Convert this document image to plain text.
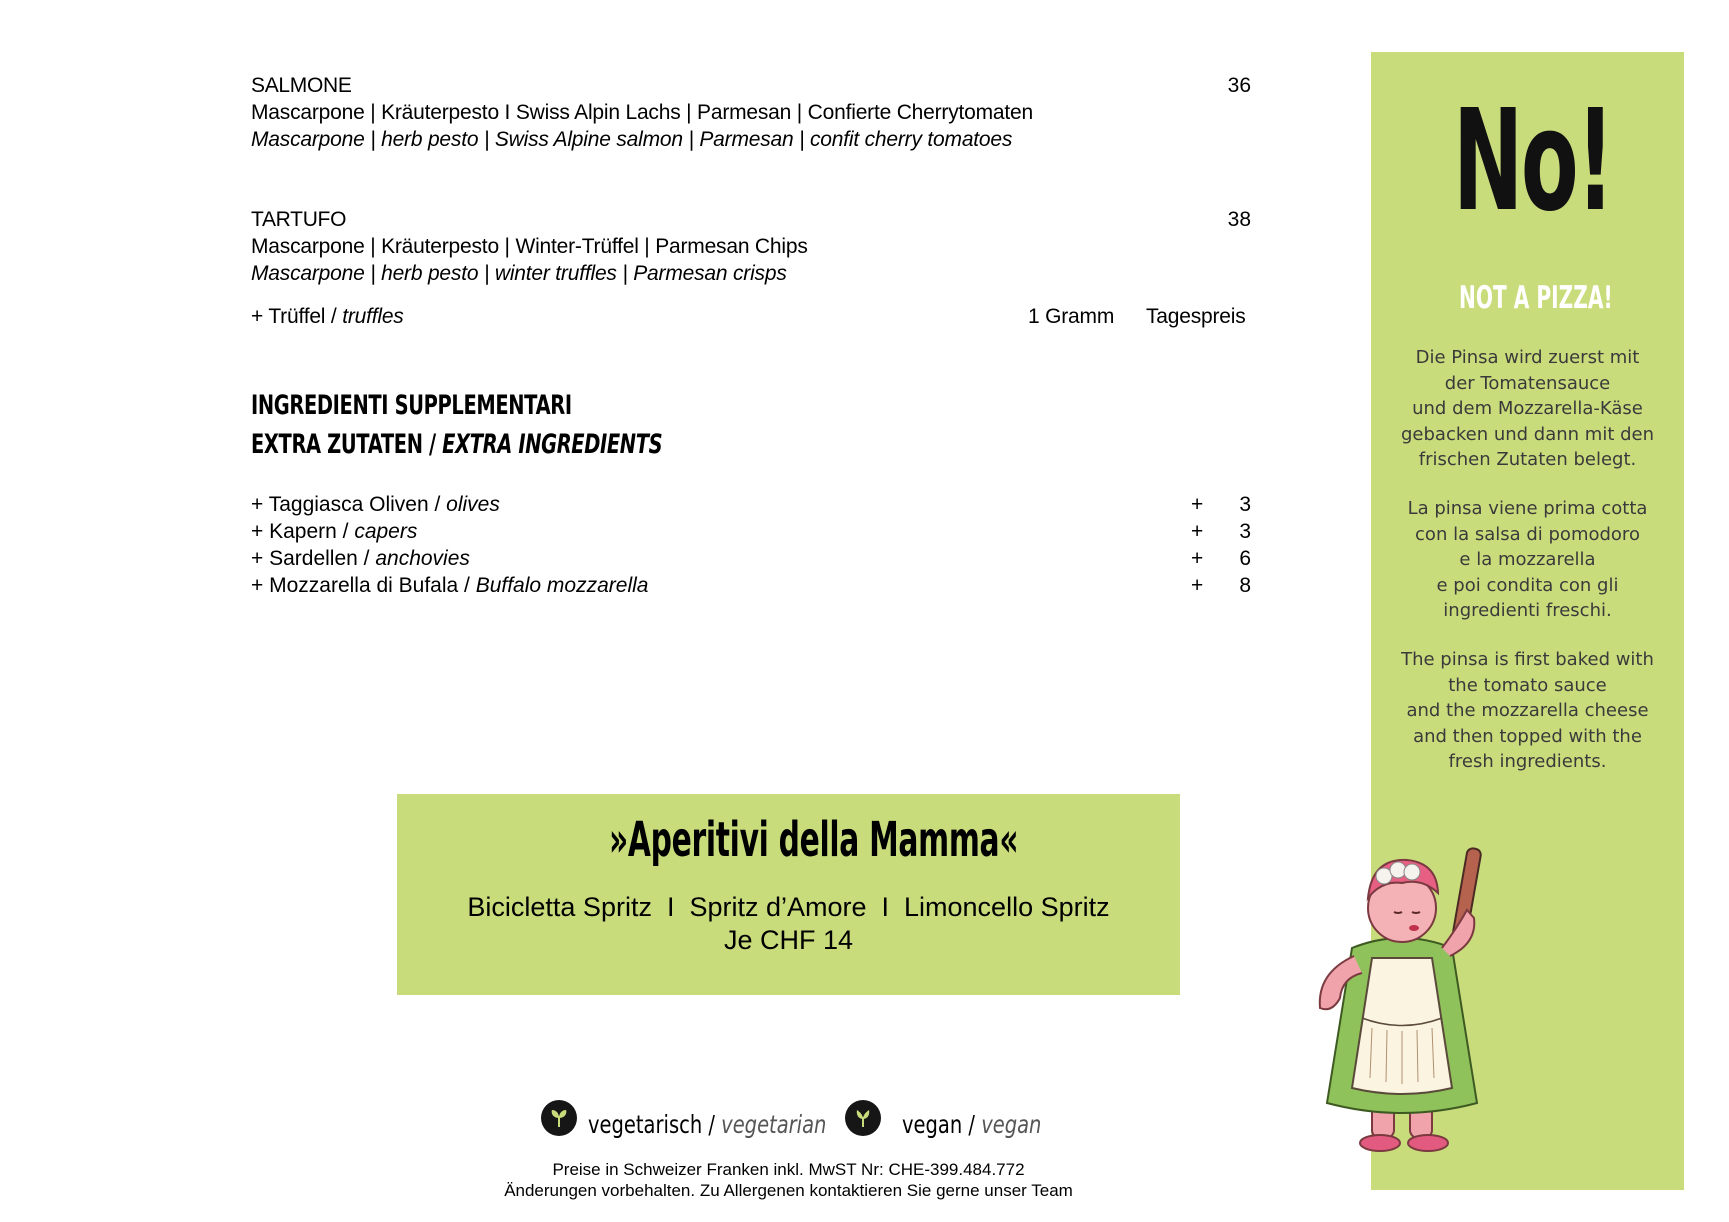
SALMONE	36
Mascarpone | Kräuterpesto I Swiss Alpin Lachs | Parmesan | Confierte Cherrytomaten
Mascarpone | herb pesto | Swiss Alpine salmon | Parmesan | confit cherry tomatoes
TARTUFO	38
Mascarpone | Kräuterpesto | Winter-Trüffel | Parmesan Chips
Mascarpone | herb pesto | winter truffles | Parmesan crisps
+ Trüffel / truffles	1 Gramm Tagespreis
INGREDIENTI SUPPLEMENTARI
EXTRA ZUTATEN / EXTRA INGREDIENTS
+ Taggiasca Oliven / olives	+ 3
+ Kapern / capers	+ 3
+ Sardellen / anchovies	+ 6
+ Mozzarella di Bufala / Buffalo mozzarella	+ 8
»Aperitivi della Mamma«
Bicicletta Spritz  I  Spritz d’Amore  I  Limoncello Spritz
Je CHF 14
vegetarisch / vegetarian	vegan / vegan
Preise in Schweizer Franken inkl. MwST Nr: CHE-399.484.772
Änderungen vorbehalten. Zu Allergenen kontaktieren Sie gerne unser Team
No!
NOT A PIZZA!
Die Pinsa wird zuerst mit
der Tomatensauce
und dem Mozzarella-Käse
gebacken und dann mit den
frischen Zutaten belegt.
La pinsa viene prima cotta
con la salsa di pomodoro
e la mozzarella
e poi condita con gli
ingredienti freschi.
The pinsa is first baked with
the tomato sauce
and the mozzarella cheese
and then topped with the
fresh ingredients.
